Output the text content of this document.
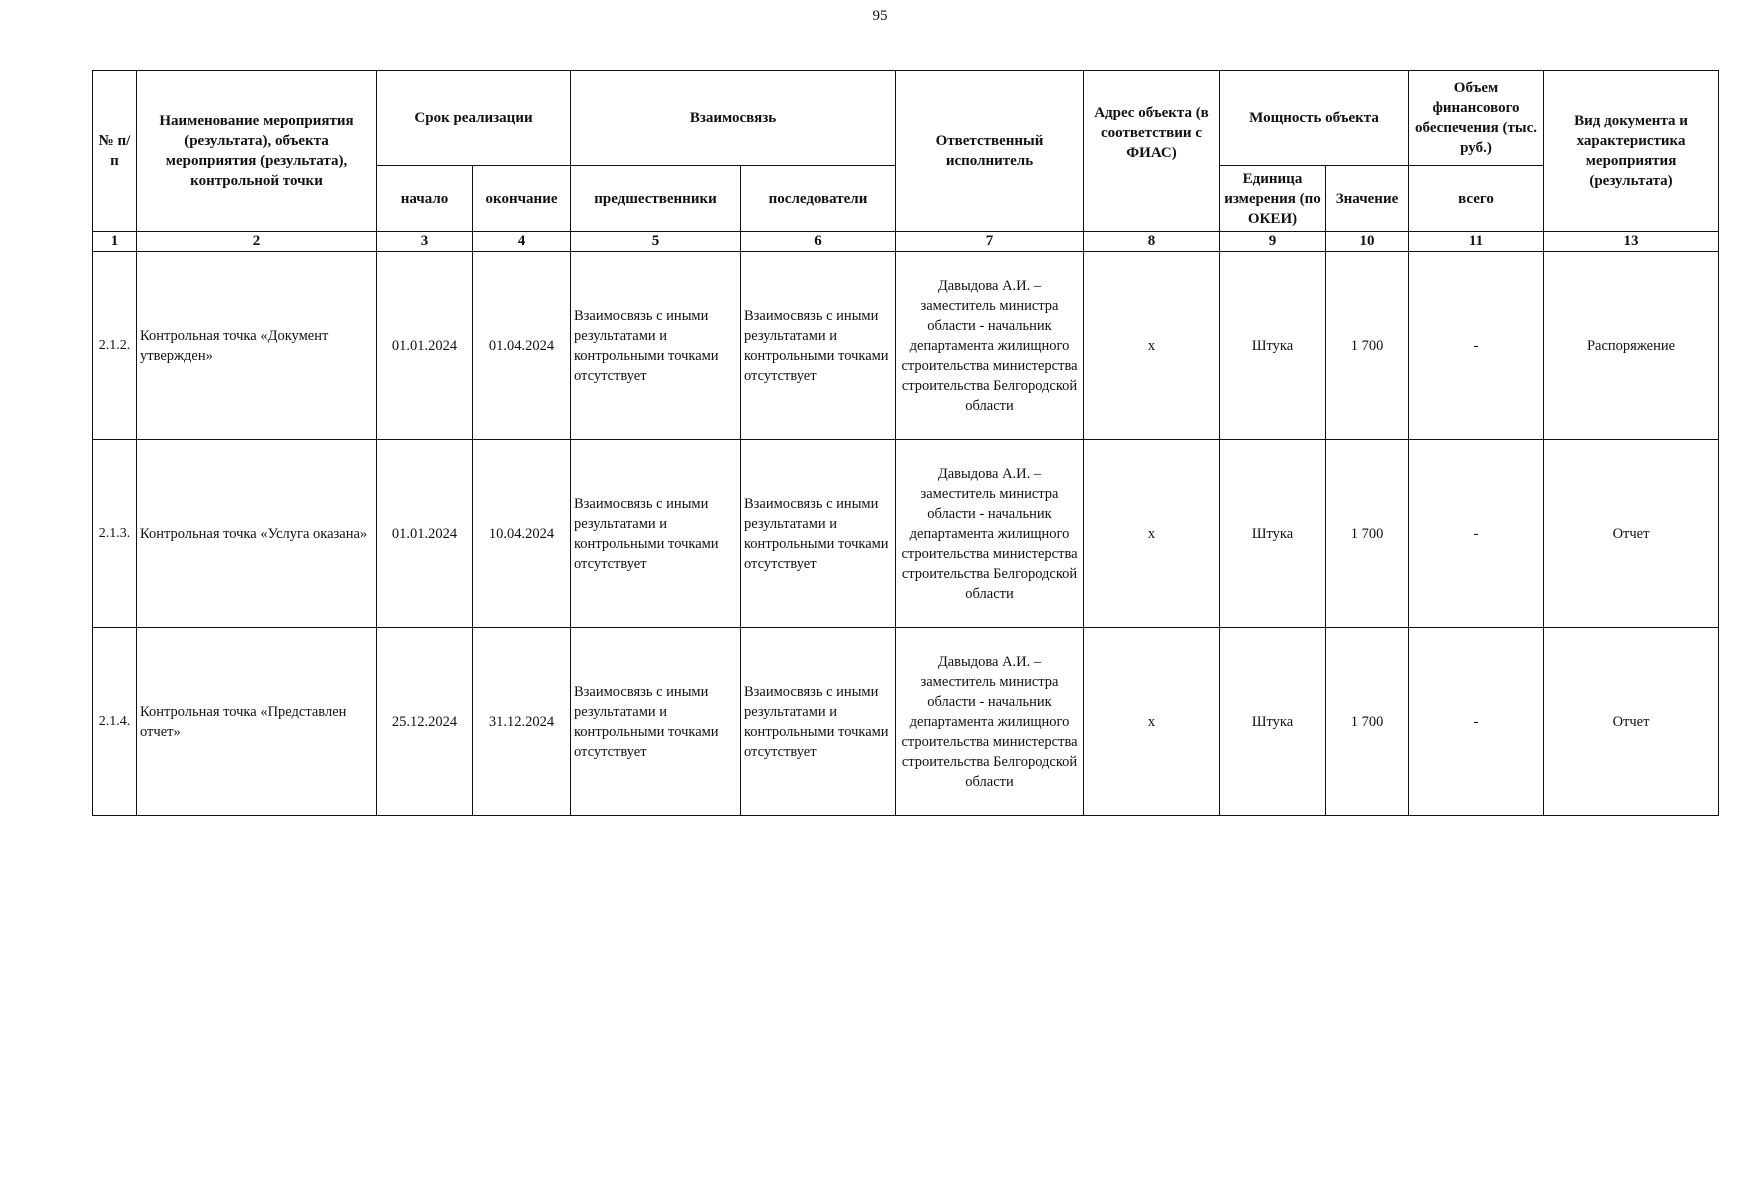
95
№ п/п	Наименование мероприятия (результата), объекта мероприятия (результата), контрольной точки	Срок реализации		Взаимосвязь		Ответственный исполнитель	Адрес объекта (в соответствии с ФИАС)	Мощность объекта		Объем финансового обеспечения (тыс. руб.)	Вид документа и характеристика мероприятия (результата)
		начало	окончание	предшественники	последователи			Единица измерения (по ОКЕИ)	Значение	всего	
1	2	3	4	5	6	7	8	9	10	11	13
2.1.2.	Контрольная точка «Документ утвержден»	01.01.2024	01.04.2024	Взаимосвязь с иными результатами и контрольными точками отсутствует	Взаимосвязь с иными результатами и контрольными точками отсутствует	Давыдова А.И. – заместитель министра области - начальник департамента жилищного строительства министерства строительства Белгородской области	х	Штука	1 700	-	Распоряжение
2.1.3.	Контрольная точка «Услуга оказана»	01.01.2024	10.04.2024	Взаимосвязь с иными результатами и контрольными точками отсутствует	Взаимосвязь с иными результатами и контрольными точками отсутствует	Давыдова А.И. – заместитель министра области - начальник департамента жилищного строительства министерства строительства Белгородской области	х	Штука	1 700	-	Отчет
2.1.4.	Контрольная точка «Представлен отчет»	25.12.2024	31.12.2024	Взаимосвязь с иными результатами и контрольными точками отсутствует	Взаимосвязь с иными результатами и контрольными точками отсутствует	Давыдова А.И. – заместитель министра области - начальник департамента жилищного строительства министерства строительства Белгородской области	х	Штука	1 700	-	Отчет
